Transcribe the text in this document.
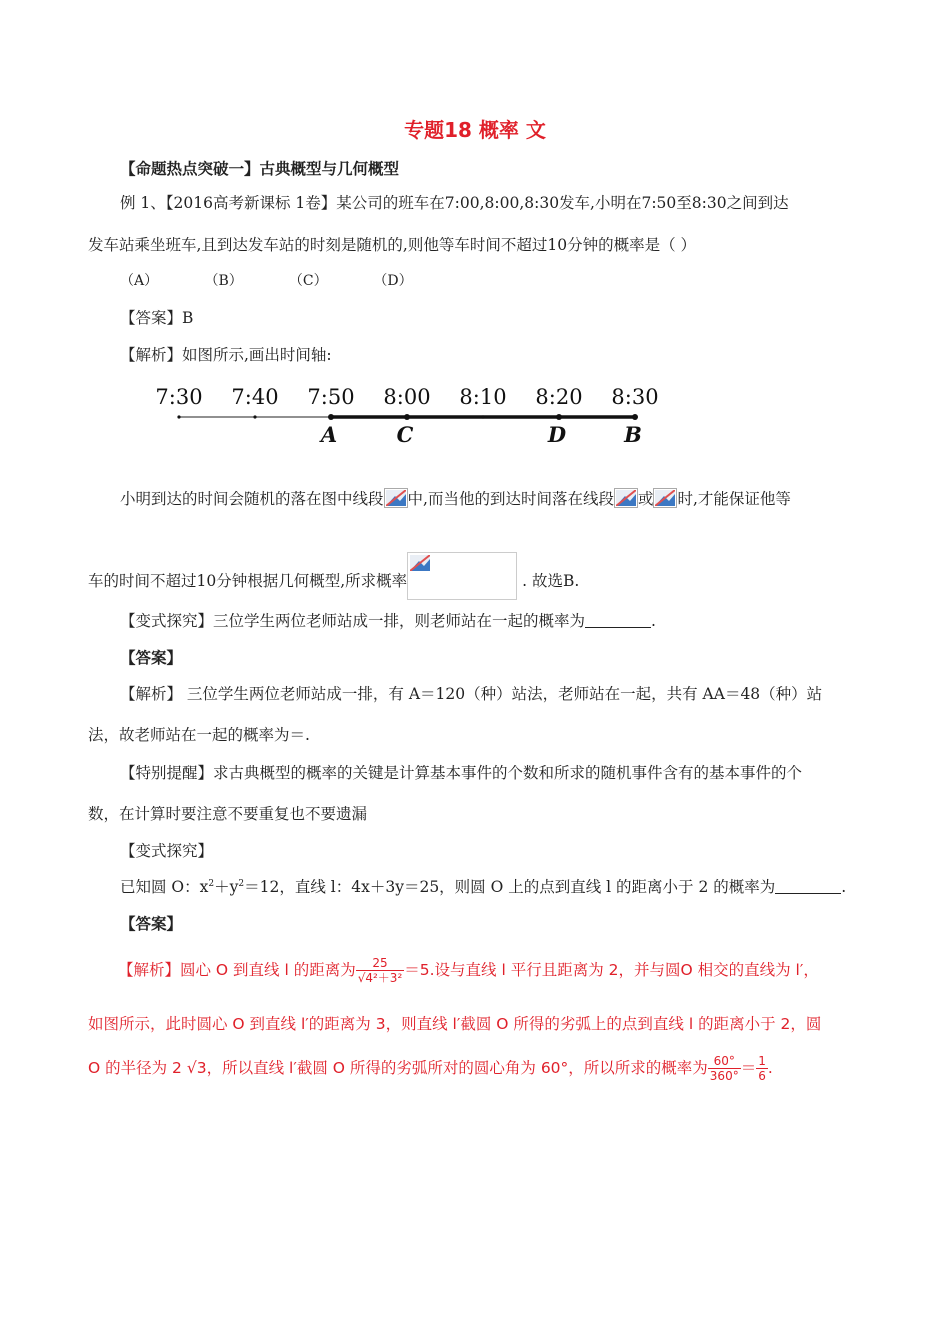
专题18 概率 文
【命题热点突破一】古典概型与几何概型
例 1、【2016高考新课标 1卷】某公司的班车在7:00,8:00,8:30发车,小明在7:50至8:30之间到达
发车站乘坐班车,且到达发车站的时刻是随机的,则他等车时间不超过10分钟的概率是（ ）
（A）	（B）	（C）	（D）
【答案】B
【解析】如图所示,画出时间轴:
7:30 7:40 7:50 8:00 8:10 8:20 8:30
A	C	D	B
小明到达的时间会随机的落在图中线段 中,而当他的到达时间落在线段 或 时,才能保证他等
车的时间不超过10分钟根据几何概型,所求概率	. 故选B.
【变式探究】三位学生两位老师站成一排，则老师站在一起的概率为	.
【答案】
【解析】 三位学生两位老师站成一排，有 A＝120（种）站法，老师站在一起，共有 AA＝48（种）站
法，故老师站在一起的概率为＝.
【特别提醒】求古典概型的概率的关键是计算基本事件的个数和所求的随机事件含有的基本事件的个
数，在计算时要注意不要重复也不要遗漏
【变式探究】
已知圆 O：$x^2+y^2=12$，直线 l：4x＋3y＝25，则圆 O 上的点到直线 l 的距离小于 2 的概率为	.
【答案】
【解析】圆心 O 到直线 l 的距离为 $\frac{25}{\text{√4²＋3²}} =5$.设与直线 l 平行且距离为 2，并与圆O 相交的直线为 l′，
如图所示，此时圆心 O 到直线 l′的距离为 3，则直线 l′截圆 O 所得的劣弧上的点到直线 l 的距离小于 2，圆
O 的半径为 2 √3，所以直线 l′截圆 O 所得的劣弧所对的圆心角为 60°，所以所求的概率为 $\frac{60^\circ}{360^\circ} = \frac{1}{6}$ .
